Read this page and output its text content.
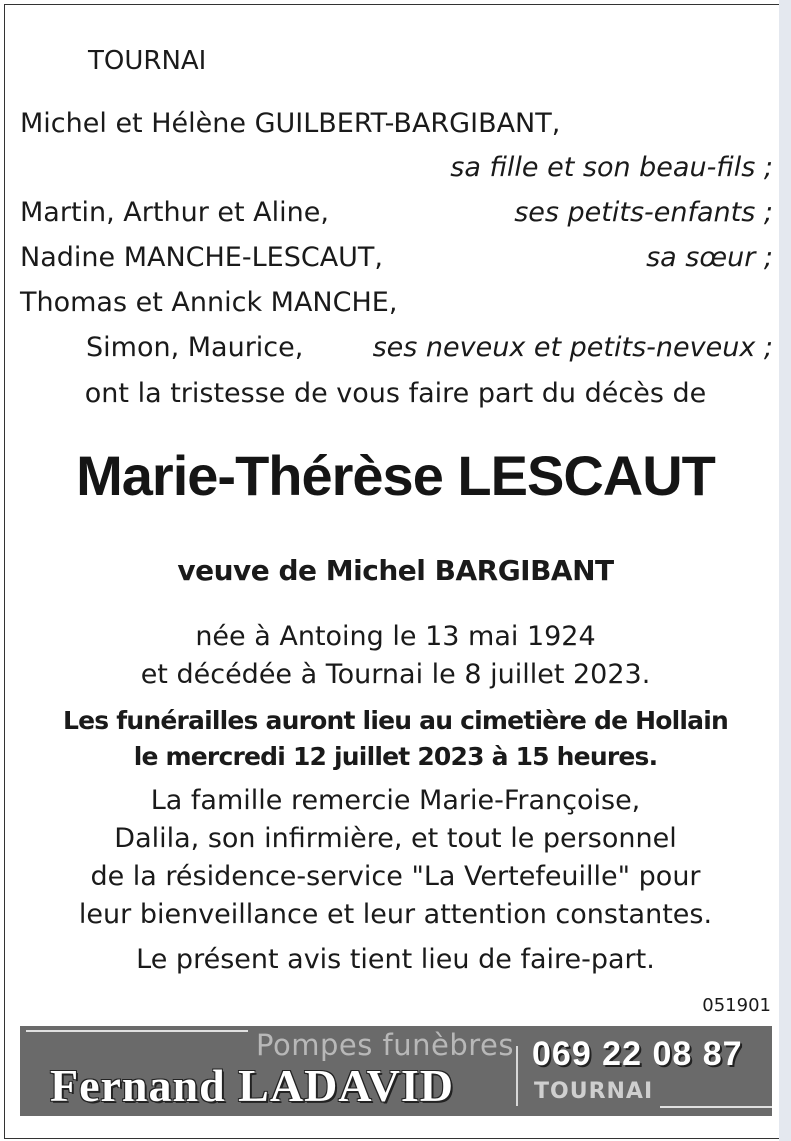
TOURNAI
Michel et Hélène GUILBERT-BARGIBANT,
sa fille et son beau-fils ;
Martin, Arthur et Aline,	ses petits-enfants ;
Nadine MANCHE-LESCAUT,	sa sœur ;
Thomas et Annick MANCHE,
Simon, Maurice,	ses neveux et petits-neveux ;
ont la tristesse de vous faire part du décès de
Marie-Thérèse LESCAUT
veuve de Michel BARGIBANT
née à Antoing le 13 mai 1924
et décédée à Tournai le 8 juillet 2023.
Les funérailles auront lieu au cimetière de Hollain
le mercredi 12 juillet 2023 à 15 heures.
La famille remercie Marie-Françoise,
Dalila, son infirmière, et tout le personnel
de la résidence-service "La Vertefeuille" pour
leur bienveillance et leur attention constantes.
Le présent avis tient lieu de faire-part.
051901
Pompes funèbres
Fernand LADAVID
069 22 08 87
TOURNAI
